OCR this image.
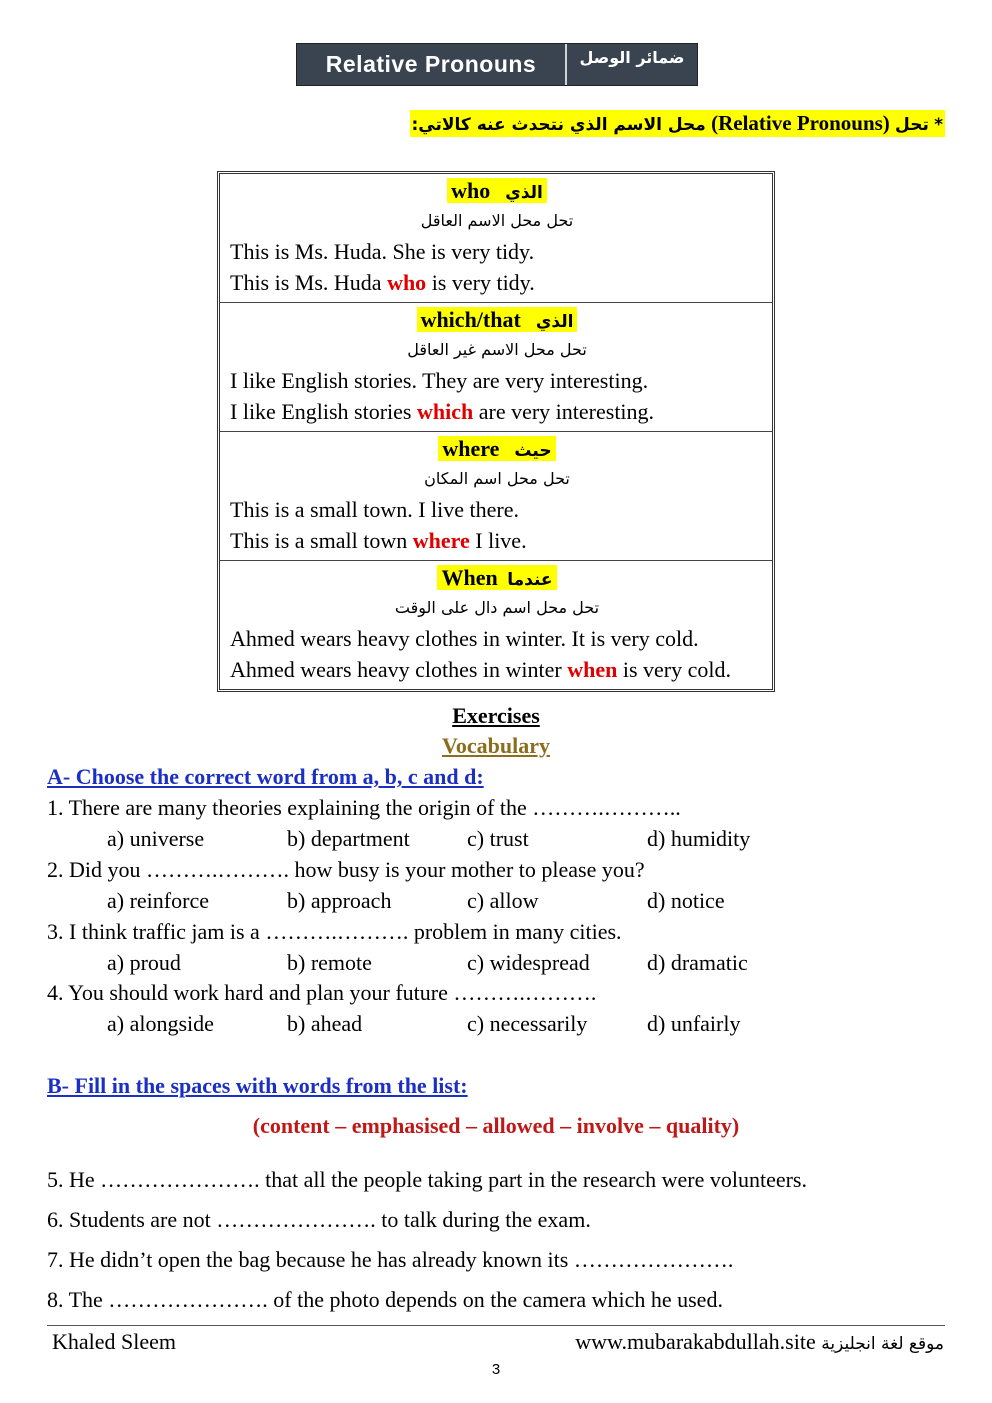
Relative Pronouns	ضمائر الوصل
* تحل (Relative Pronouns) محل الاسم الذي نتحدث عنه كالاتي:
who الذي
تحل محل الاسم العاقل
This is Ms. Huda. She is very tidy.
This is Ms. Huda who is very tidy.
which/that الذي
تحل محل الاسم غير العاقل
I like English stories. They are very interesting.
I like English stories which are very interesting.
where حيث
تحل محل اسم المكان
This is a small town. I live there.
This is a small town where I live.
When عندما
تحل محل اسم دال على الوقت
Ahmed wears heavy clothes in winter. It is very cold.
Ahmed wears heavy clothes in winter when is very cold.
Exercises
Vocabulary
A- Choose the correct word from a, b, c and d:
1. There are many theories explaining the origin of the ……….………..
a) universe	b) department	c) trust	d) humidity
2. Did you ……….………. how busy is your mother to please you?
a) reinforce	b) approach	c) allow	d) notice
3. I think traffic jam is a ……….………. problem in many cities.
a) proud	b) remote	c) widespread	d) dramatic
4. You should work hard and plan your future ……….……….
a) alongside	b) ahead	c) necessarily	d) unfairly
B- Fill in the spaces with words from the list:
(content – emphasised – allowed – involve – quality)
5. He …………………. that all the people taking part in the research were volunteers.
6. Students are not …………………. to talk during the exam.
7. He didn’t open the bag because he has already known its ………………….
8. The …………………. of the photo depends on the camera which he used.
Khaled Sleem	www.mubarakabdullah.site موقع لغة انجليزية
3
